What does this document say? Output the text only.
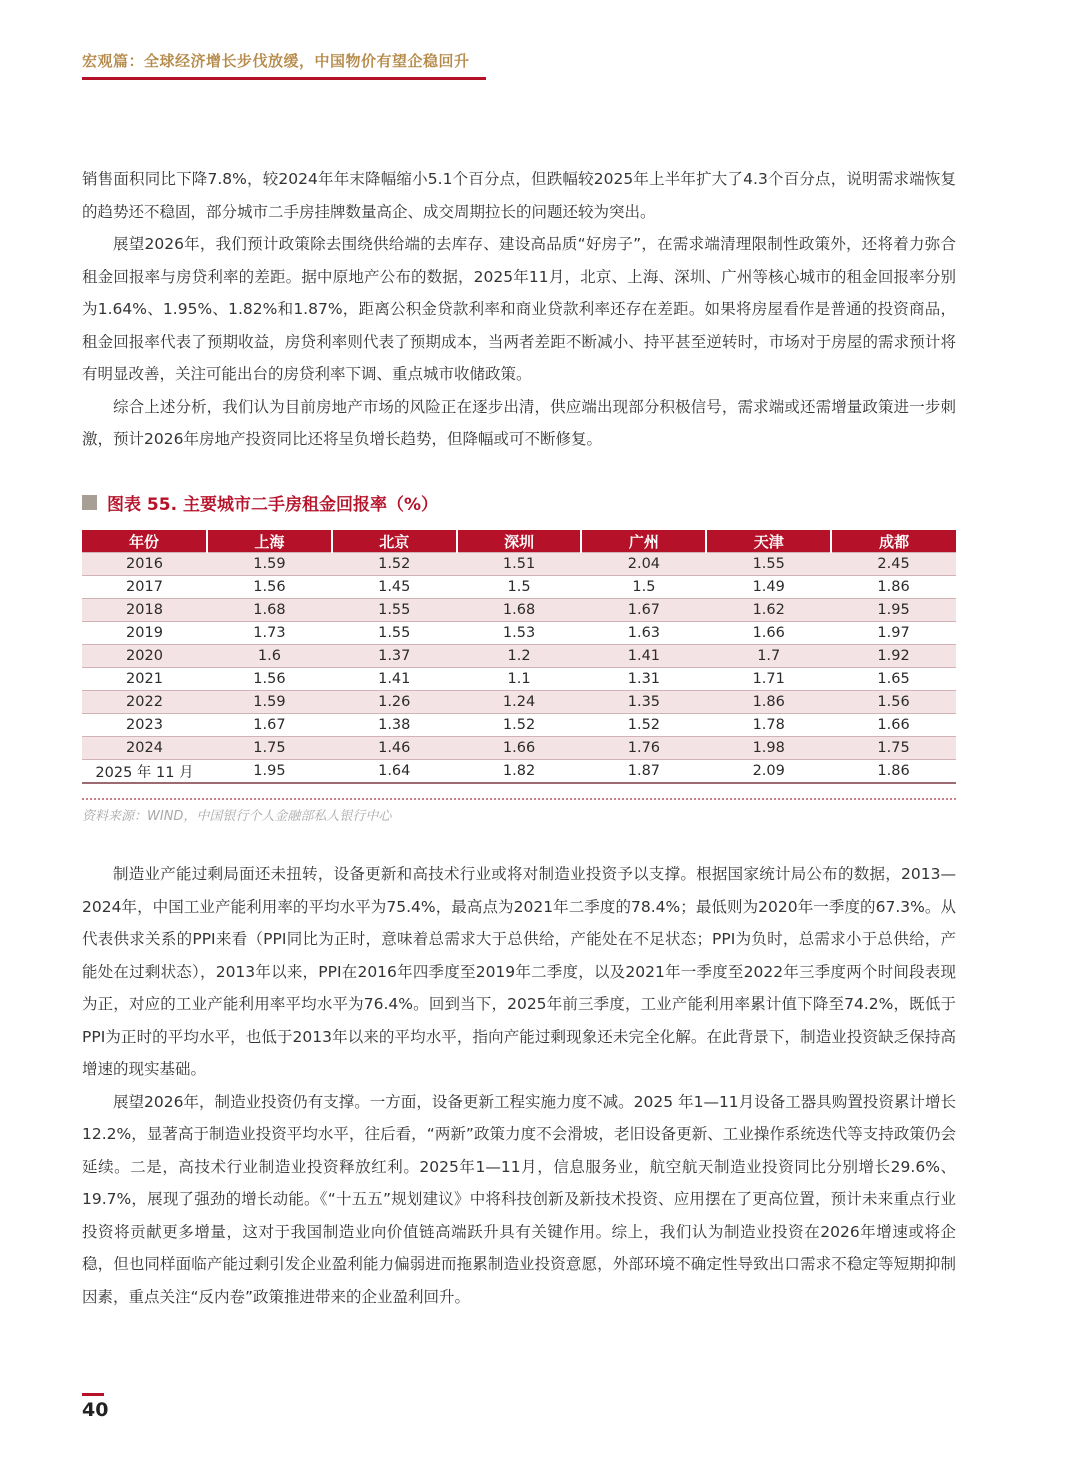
宏观篇：全球经济增长步伐放缓，中国物价有望企稳回升

销售面积同比下降7.8%，较2024年年末降幅缩小5.1个百分点，但跌幅较2025年上半年扩大了4.3个百分点，说明需求端恢复的趋势还不稳固，部分城市二手房挂牌数量高企、成交周期拉长的问题还较为突出。

展望2026年，我们预计政策除去围绕供给端的去库存、建设高品质“好房子”，在需求端清理限制性政策外，还将着力弥合租金回报率与房贷利率的差距。据中原地产公布的数据，2025年11月，北京、上海、深圳、广州等核心城市的租金回报率分别为1.64%、1.95%、1.82%和1.87%，距离公积金贷款利率和商业贷款利率还存在差距。如果将房屋看作是普通的投资商品，租金回报率代表了预期收益，房贷利率则代表了预期成本，当两者差距不断减小、持平甚至逆转时，市场对于房屋的需求预计将有明显改善，关注可能出台的房贷利率下调、重点城市收储政策。

综合上述分析，我们认为目前房地产市场的风险正在逐步出清，供应端出现部分积极信号，需求端或还需增量政策进一步刺激，预计2026年房地产投资同比还将呈负增长趋势，但降幅或可不断修复。

图表 55. 主要城市二手房租金回报率（%）
年份	上海	北京	深圳	广州	天津	成都
2016	1.59	1.52	1.51	2.04	1.55	2.45
2017	1.56	1.45	1.5	1.5	1.49	1.86
2018	1.68	1.55	1.68	1.67	1.62	1.95
2019	1.73	1.55	1.53	1.63	1.66	1.97
2020	1.6	1.37	1.2	1.41	1.7	1.92
2021	1.56	1.41	1.1	1.31	1.71	1.65
2022	1.59	1.26	1.24	1.35	1.86	1.56
2023	1.67	1.38	1.52	1.52	1.78	1.66
2024	1.75	1.46	1.66	1.76	1.98	1.75
2025 年 11 月	1.95	1.64	1.82	1.87	2.09	1.86
资料来源：WIND，中国银行个人金融部私人银行中心

制造业产能过剩局面还未扭转，设备更新和高技术行业或将对制造业投资予以支撑。根据国家统计局公布的数据，2013—2024年，中国工业产能利用率的平均水平为75.4%，最高点为2021年二季度的78.4%；最低则为2020年一季度的67.3%。从代表供求关系的PPI来看（PPI同比为正时，意味着总需求大于总供给，产能处在不足状态；PPI为负时，总需求小于总供给，产能处在过剩状态），2013年以来，PPI在2016年四季度至2019年二季度，以及2021年一季度至2022年三季度两个时间段表现为正，对应的工业产能利用率平均水平为76.4%。回到当下，2025年前三季度，工业产能利用率累计值下降至74.2%，既低于PPI为正时的平均水平，也低于2013年以来的平均水平，指向产能过剩现象还未完全化解。在此背景下，制造业投资缺乏保持高增速的现实基础。

展望2026年，制造业投资仍有支撑。一方面，设备更新工程实施力度不减。2025 年1—11月设备工器具购置投资累计增长12.2%，显著高于制造业投资平均水平，往后看，“两新”政策力度不会滑坡，老旧设备更新、工业操作系统迭代等支持政策仍会延续。二是，高技术行业制造业投资释放红利。2025年1—11月，信息服务业，航空航天制造业投资同比分别增长29.6%、19.7%，展现了强劲的增长动能。《“十五五”规划建议》中将科技创新及新技术投资、应用摆在了更高位置，预计未来重点行业投资将贡献更多增量，这对于我国制造业向价值链高端跃升具有关键作用。综上，我们认为制造业投资在2026年增速或将企稳，但也同样面临产能过剩引发企业盈利能力偏弱进而拖累制造业投资意愿，外部环境不确定性导致出口需求不稳定等短期抑制因素，重点关注“反内卷”政策推进带来的企业盈利回升。

40
